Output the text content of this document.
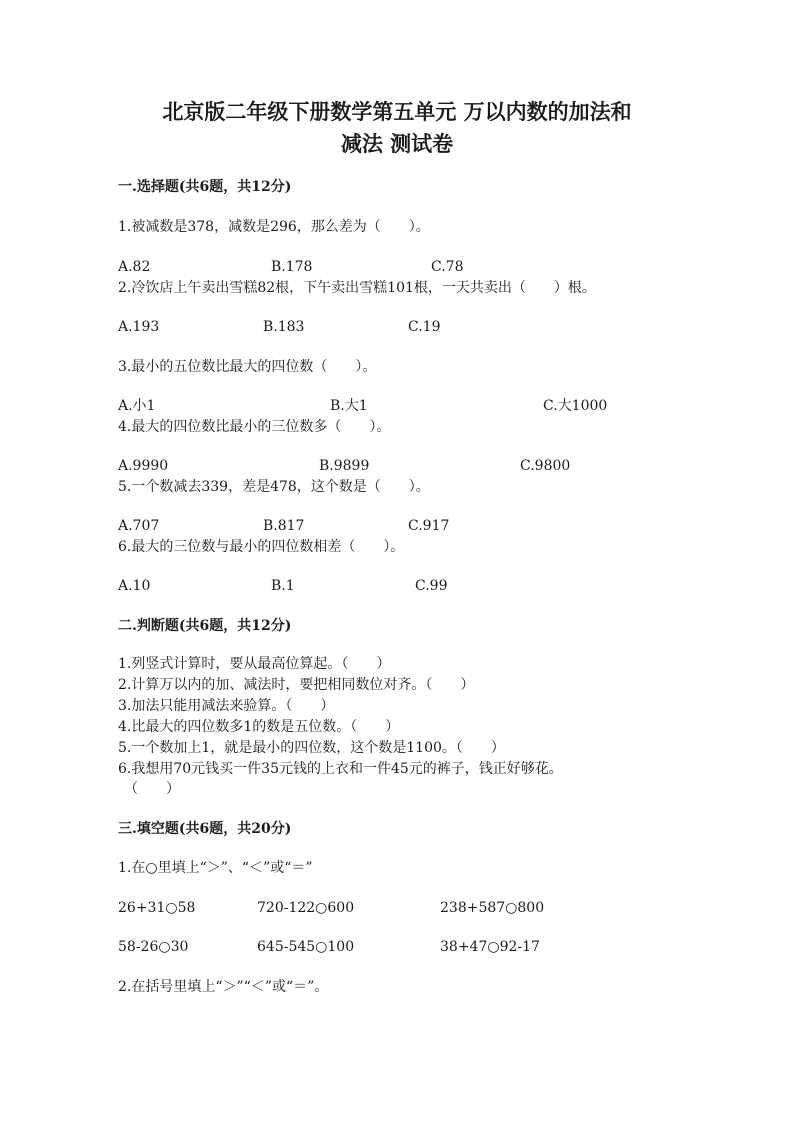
北京版二年级下册数学第五单元 万以内数的加法和
减法 测试卷
一.选择题(共6题，共12分)
1.被减数是378，减数是296，那么差为（　　）。
A.82	B.178	C.78
2.冷饮店上午卖出雪糕82根，下午卖出雪糕101根，一天共卖出（　　）根。
A.193	B.183	C.19
3.最小的五位数比最大的四位数（　　）。
A.小1	B.大1	C.大1000
4.最大的四位数比最小的三位数多（　　）。
A.9990	B.9899	C.9800
5.一个数减去339，差是478，这个数是（　　）。
A.707	B.817	C.917
6.最大的三位数与最小的四位数相差（　　）。
A.10	B.1	C.99
二.判断题(共6题，共12分)
1.列竖式计算时，要从最高位算起。（　　）
2.计算万以内的加、减法时，要把相同数位对齐。（　　）
3.加法只能用减法来验算。（　　）
4.比最大的四位数多1的数是五位数。（　　）
5.一个数加上1，就是最小的四位数，这个数是1100。（　　）
6.我想用70元钱买一件35元钱的上衣和一件45元的裤子，钱正好够花。
（　　）
三.填空题(共6题，共20分)
1.在○里填上“＞”、“＜”或“＝”
26+31○58	720-122○600	238+587○800
58-26○30	645-545○100	38+47○92-17
2.在括号里填上“＞”“＜”或“＝”。
